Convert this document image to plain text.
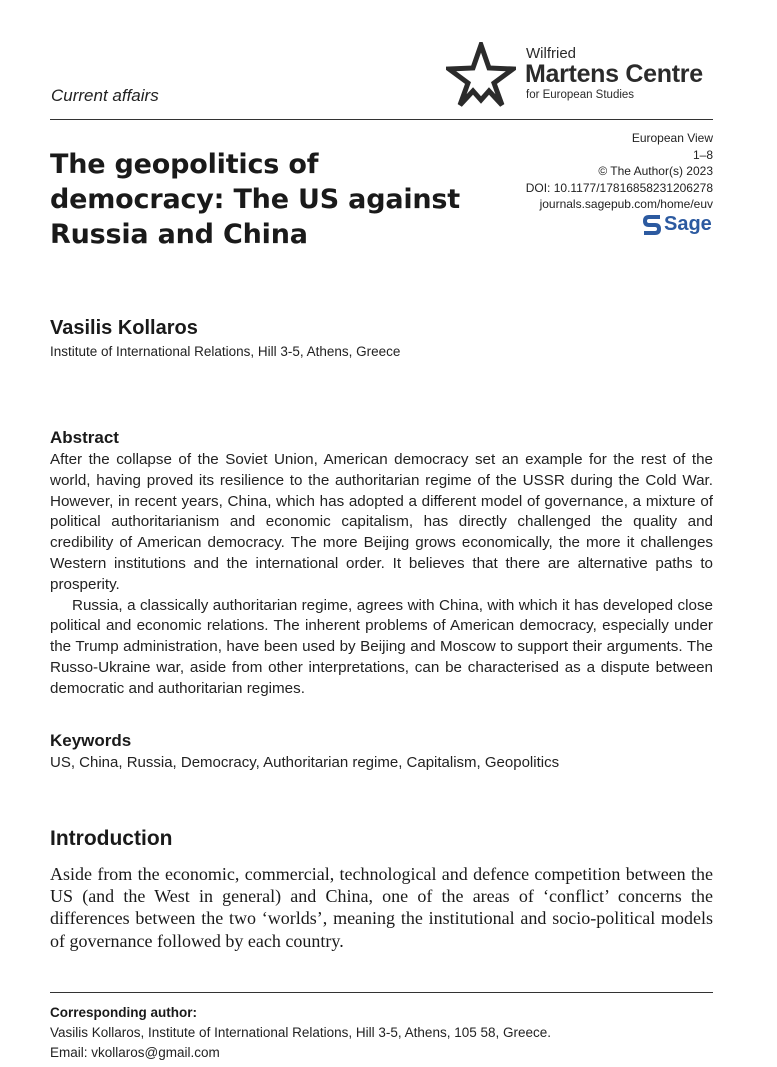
Current affairs
Wilfried
Martens Centre
for European Studies
European View
1–8
© The Author(s) 2023
DOI: 10.1177/17816858231206278
journals.sagepub.com/home/euv
Sage
The geopolitics of democracy: The US against Russia and China
Vasilis Kollaros
Institute of International Relations, Hill 3-5, Athens, Greece
Abstract

After the collapse of the Soviet Union, American democracy set an example for the rest of the world, having proved its resilience to the authoritarian regime of the USSR during the Cold War. However, in recent years, China, which has adopted a different model of governance, a mixture of political authoritarianism and economic capitalism, has directly challenged the quality and credibility of American democracy. The more Beijing grows economically, the more it challenges Western institutions and the international order. It believes that there are alternative paths to prosperity.

Russia, a classically authoritarian regime, agrees with China, with which it has developed close political and economic relations. The inherent problems of American democracy, especially under the Trump administration, have been used by Beijing and Moscow to support their arguments. The Russo-Ukraine war, aside from other interpretations, can be characterised as a dispute between democratic and authoritarian regimes.

Keywords
US, China, Russia, Democracy, Authoritarian regime, Capitalism, Geopolitics
Introduction
Aside from the economic, commercial, technological and defence competition between the US (and the West in general) and China, one of the areas of ‘conflict’ concerns the differences between the two ‘worlds’, meaning the institutional and socio-political models of governance followed by each country.
Corresponding author:
Vasilis Kollaros, Institute of International Relations, Hill 3-5, Athens, 105 58, Greece.
Email: vkollaros@gmail.com
